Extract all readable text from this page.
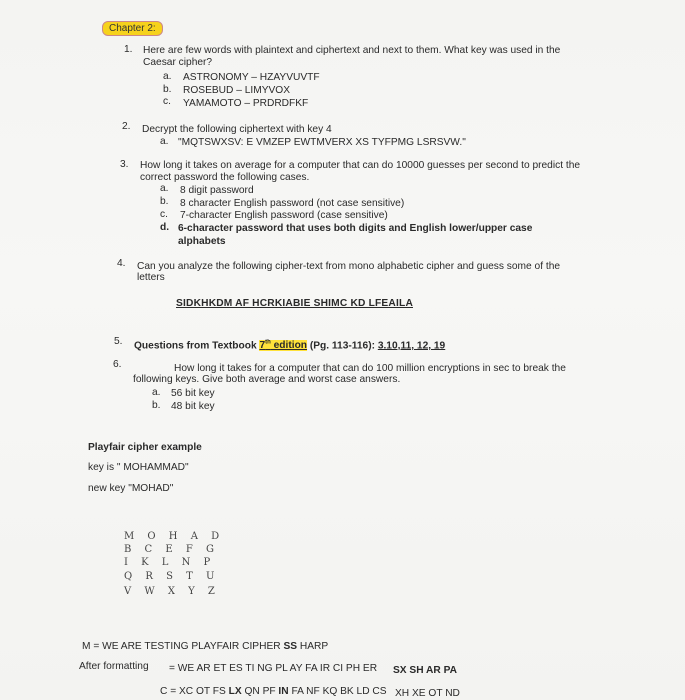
Chapter 2:
1. Here are few words with plaintext and ciphertext and next to them. What key was used in the
Caesar cipher?
a. ASTRONOMY – HZAYVUVTF
b. ROSEBUD – LIMYVOX
c. YAMAMOTO – PRDRDFKF
2. Decrypt the following ciphertext with key 4
a. "MQTSWXSV: E VMZEP EWTMVERX XS TYFPMG LSRSVW."
3. How long it takes on average for a computer that can do 10000 guesses per second to predict the
correct password the following cases.
a. 8 digit password
b. 8 character English password (not case sensitive)
c. 7-character English password (case sensitive)
d. 6-character password that uses both digits and English lower/upper case
alphabets
4. Can you analyze the following cipher-text from mono alphabetic cipher and guess some of the
letters
SIDKHKDM AF HCRKIABIE SHIMC KD LFEAILA
5. Questions from Textbook 7th edition (Pg. 113-116): 3.10,11, 12, 19
6.	How long it takes for a computer that can do 100 million encryptions in sec to break the
following keys. Give both average and worst case answers.
a. 56 bit key
b. 48 bit key
Playfair cipher example
key is " MOHAMMAD"
new key "MOHAD"
M O H A D
B C E F G
I K L N P
Q R S T U
V W X Y Z
M = WE ARE TESTING PLAYFAIR CIPHER SS HARP
After formatting = WE AR ET ES TI NG PL AY FA IR CI PH ER SX SH AR PA
C = XC OT FS LX QN PF IN FA NF KQ BK LD CS XH XE OT ND
